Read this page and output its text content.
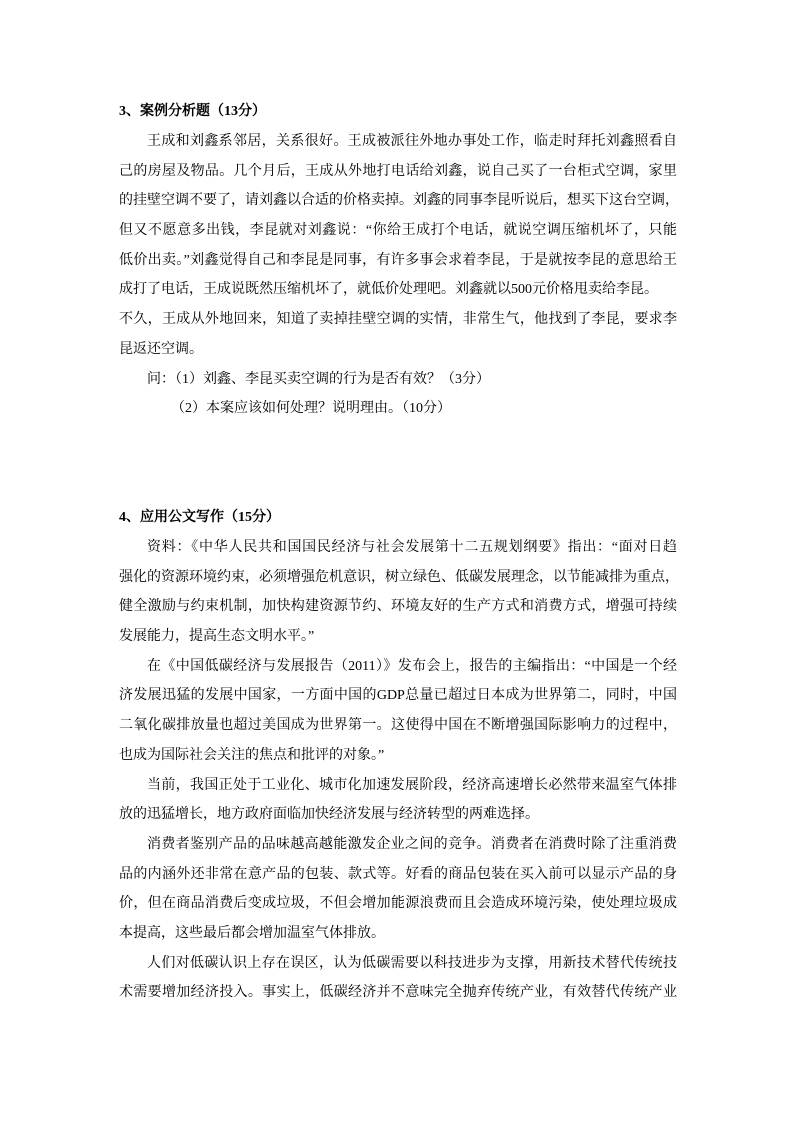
3、案例分析题（13分）
王成和刘鑫系邻居，关系很好。王成被派往外地办事处工作，临走时拜托刘鑫照看自
己的房屋及物品。几个月后，王成从外地打电话给刘鑫，说自己买了一台柜式空调，家里
的挂壁空调不要了，请刘鑫以合适的价格卖掉。刘鑫的同事李昆听说后，想买下这台空调，
但又不愿意多出钱，李昆就对刘鑫说：“你给王成打个电话，就说空调压缩机坏了，只能
低价出卖。”刘鑫觉得自己和李昆是同事，有许多事会求着李昆，于是就按李昆的意思给王
成打了电话，王成说既然压缩机坏了，就低价处理吧。刘鑫就以500元价格甩卖给李昆。
不久，王成从外地回来，知道了卖掉挂壁空调的实情，非常生气，他找到了李昆，要求李
昆返还空调。
问：（1）刘鑫、李昆买卖空调的行为是否有效？（3分）
（2）本案应该如何处理？说明理由。（10分）
4、应用公文写作（15分）
资料：《中华人民共和国国民经济与社会发展第十二五规划纲要》指出：“面对日趋
强化的资源环境约束，必须增强危机意识，树立绿色、低碳发展理念，以节能减排为重点，
健全激励与约束机制，加快构建资源节约、环境友好的生产方式和消费方式，增强可持续
发展能力，提高生态文明水平。”
在《中国低碳经济与发展报告（2011）》发布会上，报告的主编指出：“中国是一个经
济发展迅猛的发展中国家，一方面中国的GDP总量已超过日本成为世界第二，同时，中国
二氧化碳排放量也超过美国成为世界第一。这使得中国在不断增强国际影响力的过程中，
也成为国际社会关注的焦点和批评的对象。”
当前，我国正处于工业化、城市化加速发展阶段，经济高速增长必然带来温室气体排
放的迅猛增长，地方政府面临加快经济发展与经济转型的两难选择。
消费者鉴别产品的品味越高越能激发企业之间的竞争。消费者在消费时除了注重消费
品的内涵外还非常在意产品的包装、款式等。好看的商品包装在买入前可以显示产品的身
价，但在商品消费后变成垃圾，不但会增加能源浪费而且会造成环境污染，使处理垃圾成
本提高，这些最后都会增加温室气体排放。
人们对低碳认识上存在误区，认为低碳需要以科技进步为支撑，用新技术替代传统技
术需要增加经济投入。事实上，低碳经济并不意味完全抛弃传统产业，有效替代传统产业
